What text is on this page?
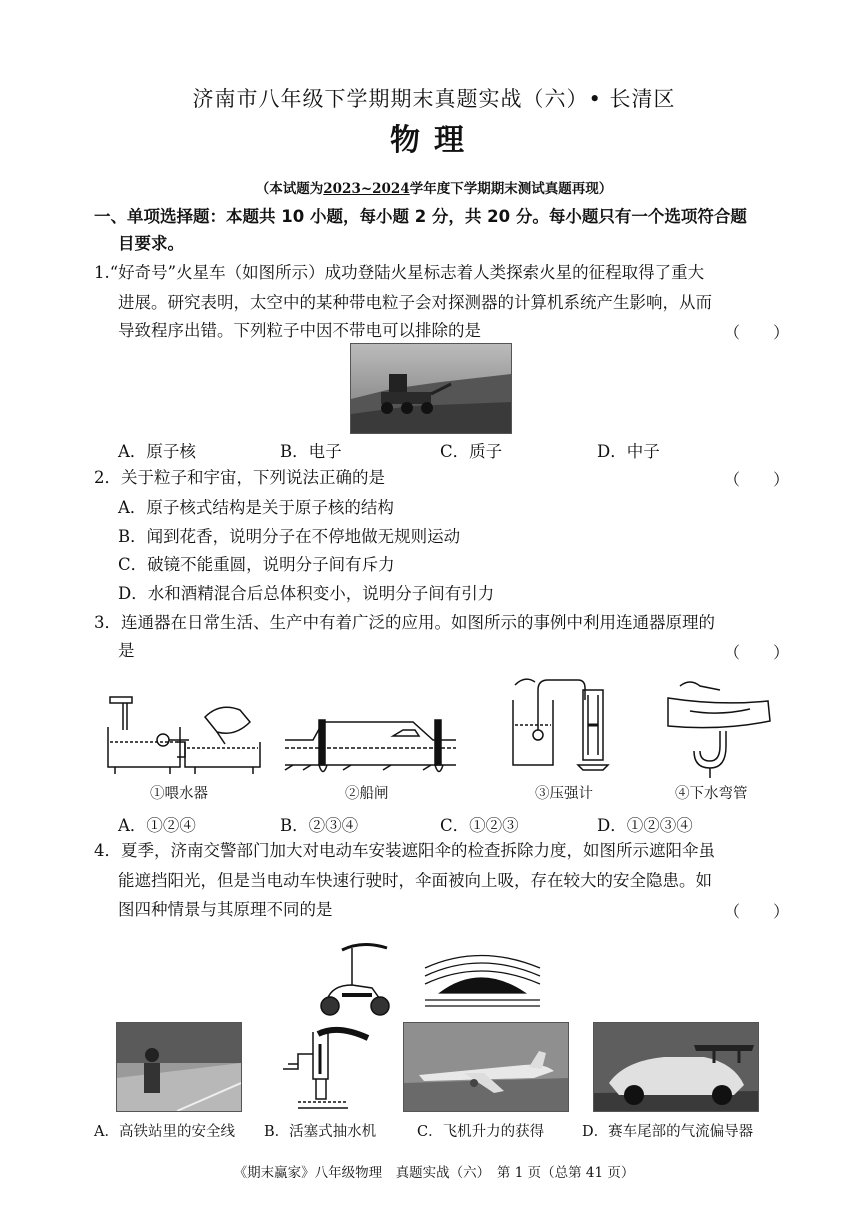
济南市八年级下学期期末真题实战（六）• 长清区
物理
（本试题为2023~2024学年度下学期期末测试真题再现）
一、单项选择题：本题共 10 小题，每小题 2 分，共 20 分。每小题只有一个选项符合题
目要求。
1.“好奇号”火星车（如图所示）成功登陆火星标志着人类探索火星的征程取得了重大
进展。研究表明，太空中的某种带电粒子会对探测器的计算机系统产生影响，从而
导致程序出错。下列粒子中因不带电可以排除的是	（ ）
A．原子核	B．电子	C．质子	D．中子
2．关于粒子和宇宙，下列说法正确的是	（ ）
A．原子核式结构是关于原子核的结构
B．闻到花香，说明分子在不停地做无规则运动
C．破镜不能重圆，说明分子间有斥力
D．水和酒精混合后总体积变小，说明分子间有引力
3．连通器在日常生活、生产中有着广泛的应用。如图所示的事例中利用连通器原理的
是	（ ）
①喂水器	②船闸	③压强计	④下水弯管
A．①②④	B．②③④	C．①②③	D．①②③④
4．夏季，济南交警部门加大对电动车安装遮阳伞的检查拆除力度，如图所示遮阳伞虽
能遮挡阳光，但是当电动车快速行驶时，伞面被向上吸，存在较大的安全隐患。如
图四种情景与其原理不同的是	（ ）
A．高铁站里的安全线 B．活塞式抽水机	C．飞机升力的获得	D．赛车尾部的气流偏导器
《期末赢家》八年级物理　真题实战（六）　第 1 页（总第 41 页）
